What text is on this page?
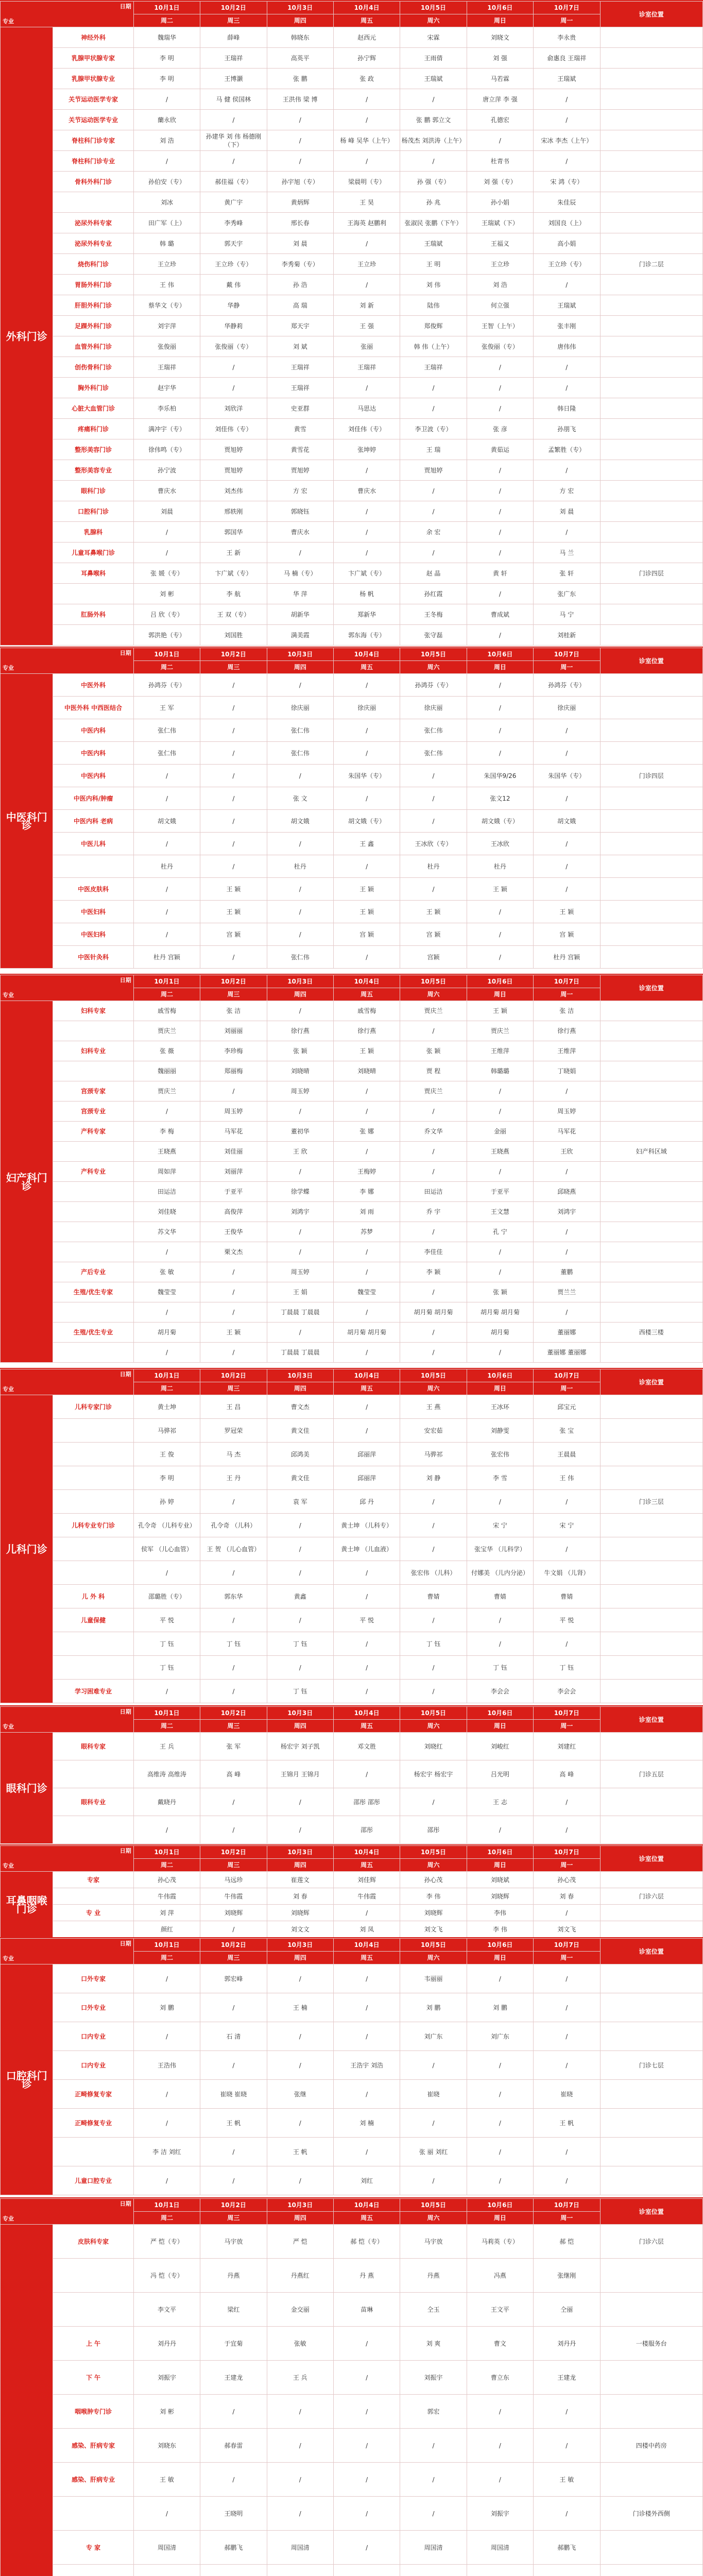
日期
专业		10月1日	10月2日	10月3日	10月4日	10月5日	10月6日	10月7日	诊室位置
		周二	周三	周四	周五	周六	周日	周一	
外科门诊	神经外科	魏瑞华	薛峰	韩晓东	赵西元	宋霖	刘晓文	李永贵	
	乳腺甲状腺专家	李 明	王瑞祥	高英平	孙宁辉	王雨倩	刘 强	俞惠良 王瑞祥	
	乳腺甲状腺专业	李 明	王博灏	张 鹏	张 政	王瑞斌	马若霖	王瑞斌	
	关节运动医学专家	/	马 健 侯国林	王洪伟 梁 博	/	/	唐立萍 李 强	/	
	关节运动医学专业	蘭永欣	/	/	/	张 鹏 郭立文	孔德宏	/	
	脊柱科门诊专家	刘 浩	孙建华 刘 伟 杨德刚（下）	/	杨 峰 吴华（上午）	杨茂杰 刘洪涛（上午）	/	宋冰 李杰（上午）	
	脊柱科门诊专业	/	/	/	/	/	杜青书	/	
	骨科外科门诊	孙伯安（专）	郝佳福（专）	孙宇旭（专）	梁晨明（专）	孙 强（专）	刘 强（专）	宋 鸿（专）	
		刘冰	黄广宇	黄炳辉	王 昊	孙 兆	孙小娟	朱佳辰	
	泌尿外科专家	田广军（上）	李秀峰	邢长春	王海英 赵鹏利	张淑民 张鹏（下午）	王瑞斌（下）	刘国良（上）	
	泌尿外科专业	韩 璐	郭天宇	刘 晨	/	王瑞斌	王福义	高小娟	
	烧伤科门诊	王立珍	王立珍（专）	李秀菊（专）	王立珍	王 明	王立珍	王立珍（专）	门诊二层
	胃肠外科门诊	王 伟	戴 伟	孙 浩	/	刘 伟	刘 浩	/	
	肝胆外科门诊	蔡华文（专）	华静	高 瑞	刘 新	陆伟	何立强	王瑞斌	
	足踝外科门诊	刘宇萍	华静莉	郑天宇	王 强	郑俊辉	王智（上午）	张丰刚	
	血管外科门诊	张俊丽	张俊丽（专）	刘 斌	张丽	韩 伟（上午）	张俊丽（专）	唐伟伟	
	创伤骨科门诊	王瑞祥	/	王瑞祥	王瑞祥	王瑞祥	/	/	
	胸外科门诊	赵宇华	/	王瑞祥	/	/	/	/	
	心脏大血管门诊	李乐柏	刘欣洋	史亚群	马思达	/	/	韩日隆	
	疼痛科门诊	满冲宇（专）	刘佳伟（专）	黄雪	刘佳伟（专）	李卫波（专）	张 彦	孙朋飞	
	整形美容门诊	徐伟鸣（专）	贾旭婷	黄雪花	张坤婷	王 瑞	黄茹运	孟繁胜（专）	
	整形美容专业	孙宁波	贾旭婷	贾旭婷	/	贾旭婷	/	/	
	眼科门诊	曹庆水	刘杰伟	方 宏	曹庆水	/	/	方 宏	
	口腔科门诊	刘晨	邢轶刚	郭晓钰	/	/	/	刘 晨	
	乳腺科	/	郭国华	曹庆水	/	余 宏	/	/	
	儿童耳鼻喉门诊	/	王 新	/	/	/	/	马 兰	
	耳鼻喉科	张 媛（专）	卞广斌（专）	马 楠（专）	卞广斌（专）	赵 晶	黄 轩	张 轩	门诊四层
		刘 彬	李 航	华 萍	杨 帆	孙红霞	/	张广东	
	肛肠外科	吕 欣（专）	王 双（专）	胡新华	郑新华	王冬梅	曹成斌	马 宁	
		郭洪艳（专）	刘国胜	满美霞	郭东海（专）	张守磊	/	刘桂新	
日期
专业		10月1日	10月2日	10月3日	10月4日	10月5日	10月6日	10月7日	诊室位置
		周二	周三	周四	周五	周六	周日	周一	
中医科门诊	中医外科	孙鸿芬（专）	/	/	/	孙鸿芬（专）	/	孙鸿芬（专）	
	中医外科 中西医结合	王 军	/	徐庆丽	徐庆丽	徐庆丽	/	徐庆丽	
	中医内科	张仁伟	/	张仁伟	/	张仁伟	/	/	
	中医内科	张仁伟	/	张仁伟	/	张仁伟	/	/	
	中医内科	/	/	/	朱国华（专）	/	朱国华9/26	朱国华（专）	门诊四层
	中医内科/肿瘤	/	/	张 文	/	/	张文12	/	
	中医内科 老病	胡文娥	/	胡文娥	胡文娥（专）	/	胡文娥（专）	胡文娥	
	中医儿科	/	/	/	王 鑫	王冰欣（专）	王冰欣	/	
		杜丹	/	杜丹	/	杜丹	杜丹	/	
	中医皮肤科	/	王 颖	/	王 颖	/	王 颖	/	
	中医妇科	/	王 颖	/	王 颖	王 颖	/	王 颖	
	中医妇科	/	宫 颖	/	宫 颖	宫 颖	/	宫 颖	
	中医针灸科	杜丹 宫颖	/	张仁伟	/	宫颖	/	杜丹 宫颖	
日期
专业		10月1日	10月2日	10月3日	10月4日	10月5日	10月6日	10月7日	诊室位置
		周二	周三	周四	周五	周六	周日	周一	
妇产科门诊	妇科专家	戚雪梅	张 洁	/	戚雪梅	贾庆兰	王 颖	张 洁	
		贾庆兰	刘丽丽	徐行燕	徐行燕	/	贾庆兰	徐行燕	
	妇科专业	张 薇	李珍梅	张 颖	王 颖	张 颖	王维萍	王维萍	
		魏丽丽	郑丽梅	刘晓晴	刘晓晴	贾 程	韩璐璐	丁晓娟	
	宫颈专家	贾庆兰	/	周玉婷	/	贾庆兰	/	/	
	宫颈专业	/	周玉婷	/	/	/	/	周玉婷	
	产科专家	李 梅	马军花	董初华	张 娜	乔文华	金丽	马军花	
		王晓燕	刘佳丽	王 欣	/	/	王晓燕	王欣	妇产科区域
	产科专业	周如萍	刘丽萍	/	王梅婷	/	/	/	
		田运洁	于亚平	徐学蝶	李 娜	田运洁	于亚平	邱晓燕	
		刘佳晓	高俊萍	刘鸿宇	刘 雨	乔 宇	王文慧	刘鸿宇	
		苏文华	王俊华	/	苏梦	/	孔 宁	/	
		/	栗文杰	/	/	李佳佳	/	/	
	产后专业	张 敏	/	周玉婷	/	李 颖	/	董鹏	
	生殖/优生专家	魏莹莹	/	王 娟	魏莹莹	/	张 颖	贾兰兰	
		/	/	丁晨晨 丁晨晨	/	胡月菊 胡月菊	胡月菊 胡月菊	/	
	生殖/优生专业	胡月菊	王 颖	/	胡月菊 胡月菊	/	胡月菊	董丽娜	西楼三楼
		/	/	丁晨晨 丁晨晨	/	/	/	董丽娜 董丽娜	
日期
专业		10月1日	10月2日	10月3日	10月4日	10月5日	10月6日	10月7日	诊室位置
		周二	周三	周四	周五	周六	周日	周一	
儿科门诊	儿科专家门诊	黄士坤	王 昌	曹文杰	/	王 燕	王冰环	邱宝元	
		马骅祁	罗冠荣	黄文佳	/	安宏茹	刘静雯	张 宝	
		王 俊	马 杰	邱鸿美	邱丽萍	马骅祁	张宏伟	王晨晨	
		李 明	王 丹	黄文佳	邱丽萍	刘 静	李 雪	王 伟	
		孙 婷	/	袁 军	邱 丹	/	/	/	门诊三层
	儿科专业专门诊	孔令奇 （儿科专业）	孔令奇 （儿科）	/	黄士坤 （儿科专）	/	宋 宁	宋 宁	
		侯军 （儿心血管）	王 贺 （儿心血管）	/	黄士坤 （儿血液）	/	张宝华 （儿科学）	/	
		/	/	/	/	张宏伟 （儿科）	付娜美 （儿内分泌）	牛文娟 （儿肾）	
	儿 外 科	邵璐胜（专）	郭东华	黄鑫	/	曹婧	曹婧	曹婧	
	儿童保健	平 悦	/	/	平 悦	/	/	平 悦	
		丁 钰	丁 钰	丁 钰	/	丁 钰	/	/	
		丁 钰	/	/	/	/	丁 钰	丁 钰	
	学习困难专业	/	/	丁 钰	/	/	李会会	李会会	
日期
专业		10月1日	10月2日	10月3日	10月4日	10月5日	10月6日	10月7日	诊室位置
		周二	周三	周四	周五	周六	周日	周一	
眼科门诊	眼科专家	王 兵	张 军	杨宏宇 刘子凯	邓文胜	刘晓红	刘峻红	刘建红	
		高维涛 高维涛	高 峰	王锦月 王锦月	/	杨宏宇 杨宏宇	吕光明	高 峰	门诊五层
	眼科专业	戴晓丹	/	/	邵彤 邵彤	/	王 志	/	
		/	/	/	邵彤	邵彤	/	/	
日期
专业		10月1日	10月2日	10月3日	10月4日	10月5日	10月6日	10月7日	诊室位置
		周二	周三	周四	周五	周六	周日	周一	
耳鼻咽喉门诊	专家	孙心茂	马远珍	崔莲文	刘佳辉	孙心茂	刘晓斌	孙心茂	
		牛伟霞	牛伟霞	刘 春	牛伟霞	李 伟	刘晓辉	刘 春	门诊六层
	专 业	刘 萍	刘晓辉	刘晓辉	/	刘晓辉	李伟	/	
		颜红	/	刘文文	刘 凤	刘文飞	李 伟	刘文飞	
日期
专业		10月1日	10月2日	10月3日	10月4日	10月5日	10月6日	10月7日	诊室位置
		周二	周三	周四	周五	周六	周日	周一	
口腔科门诊	口外专家	/	郭宏峰	/	/	韦丽丽	/	/	
	口外专业	刘 鹏	/	王 楠	/	刘 鹏	刘 鹏	/	
	口内专业	/	石 清	/	/	刘广东	刘广东	/	
	口内专业	王浩伟	/	/	王浩宇 刘浩	/	/	/	门诊七层
	正畸修复专家	/	崔晓 崔晓	张继	/	崔晓	/	崔晓	
	正畸修复专业	/	王 帆	/	刘 楠	/	/	王 帆	
		李 洁 刘红	/	王 帆	/	张 丽 刘红	/	/	
	儿童口腔专业	/	/	/	刘红	/	/	/	
日期
专业		10月1日	10月2日	10月3日	10月4日	10月5日	10月6日	10月7日	诊室位置
		周二	周三	周四	周五	周六	周日	周一	
	皮肤科专家	严 恺（专）	马宇放	严 恺	郝 恺（专）	马宇放	马莉英（专）	郝 恺	门诊六层
		冯 恺（专）	丹燕	丹燕红	丹 燕	丹燕	冯燕	张继刚	
		李文平	梁红	金交丽	苗琳	仝玉	王文平	仝丽	
	上 午	刘丹丹	于宜菊	张敏	/	刘 爽	曹文	刘丹丹	一楼服务台
	下 午	刘振宇	王建龙	王 兵	/	刘振宇	曹立东	王建龙	
	咽喉肿专门诊	刘 彬	/	/	/	郭宏	/	/	
	感染、肝病专家	刘晓东	郝春雷	/	/	/	/	/	四楼中药房
	感染、肝病专业	王 敏	/	/	/	/	/	王 敏	
		/	王晓明	/	/	/	刘振宇	/	门诊楼外西侧
	专 家	周国清	郝鹏飞	周国清	/	周国清	周国清	郝鹏飞	
